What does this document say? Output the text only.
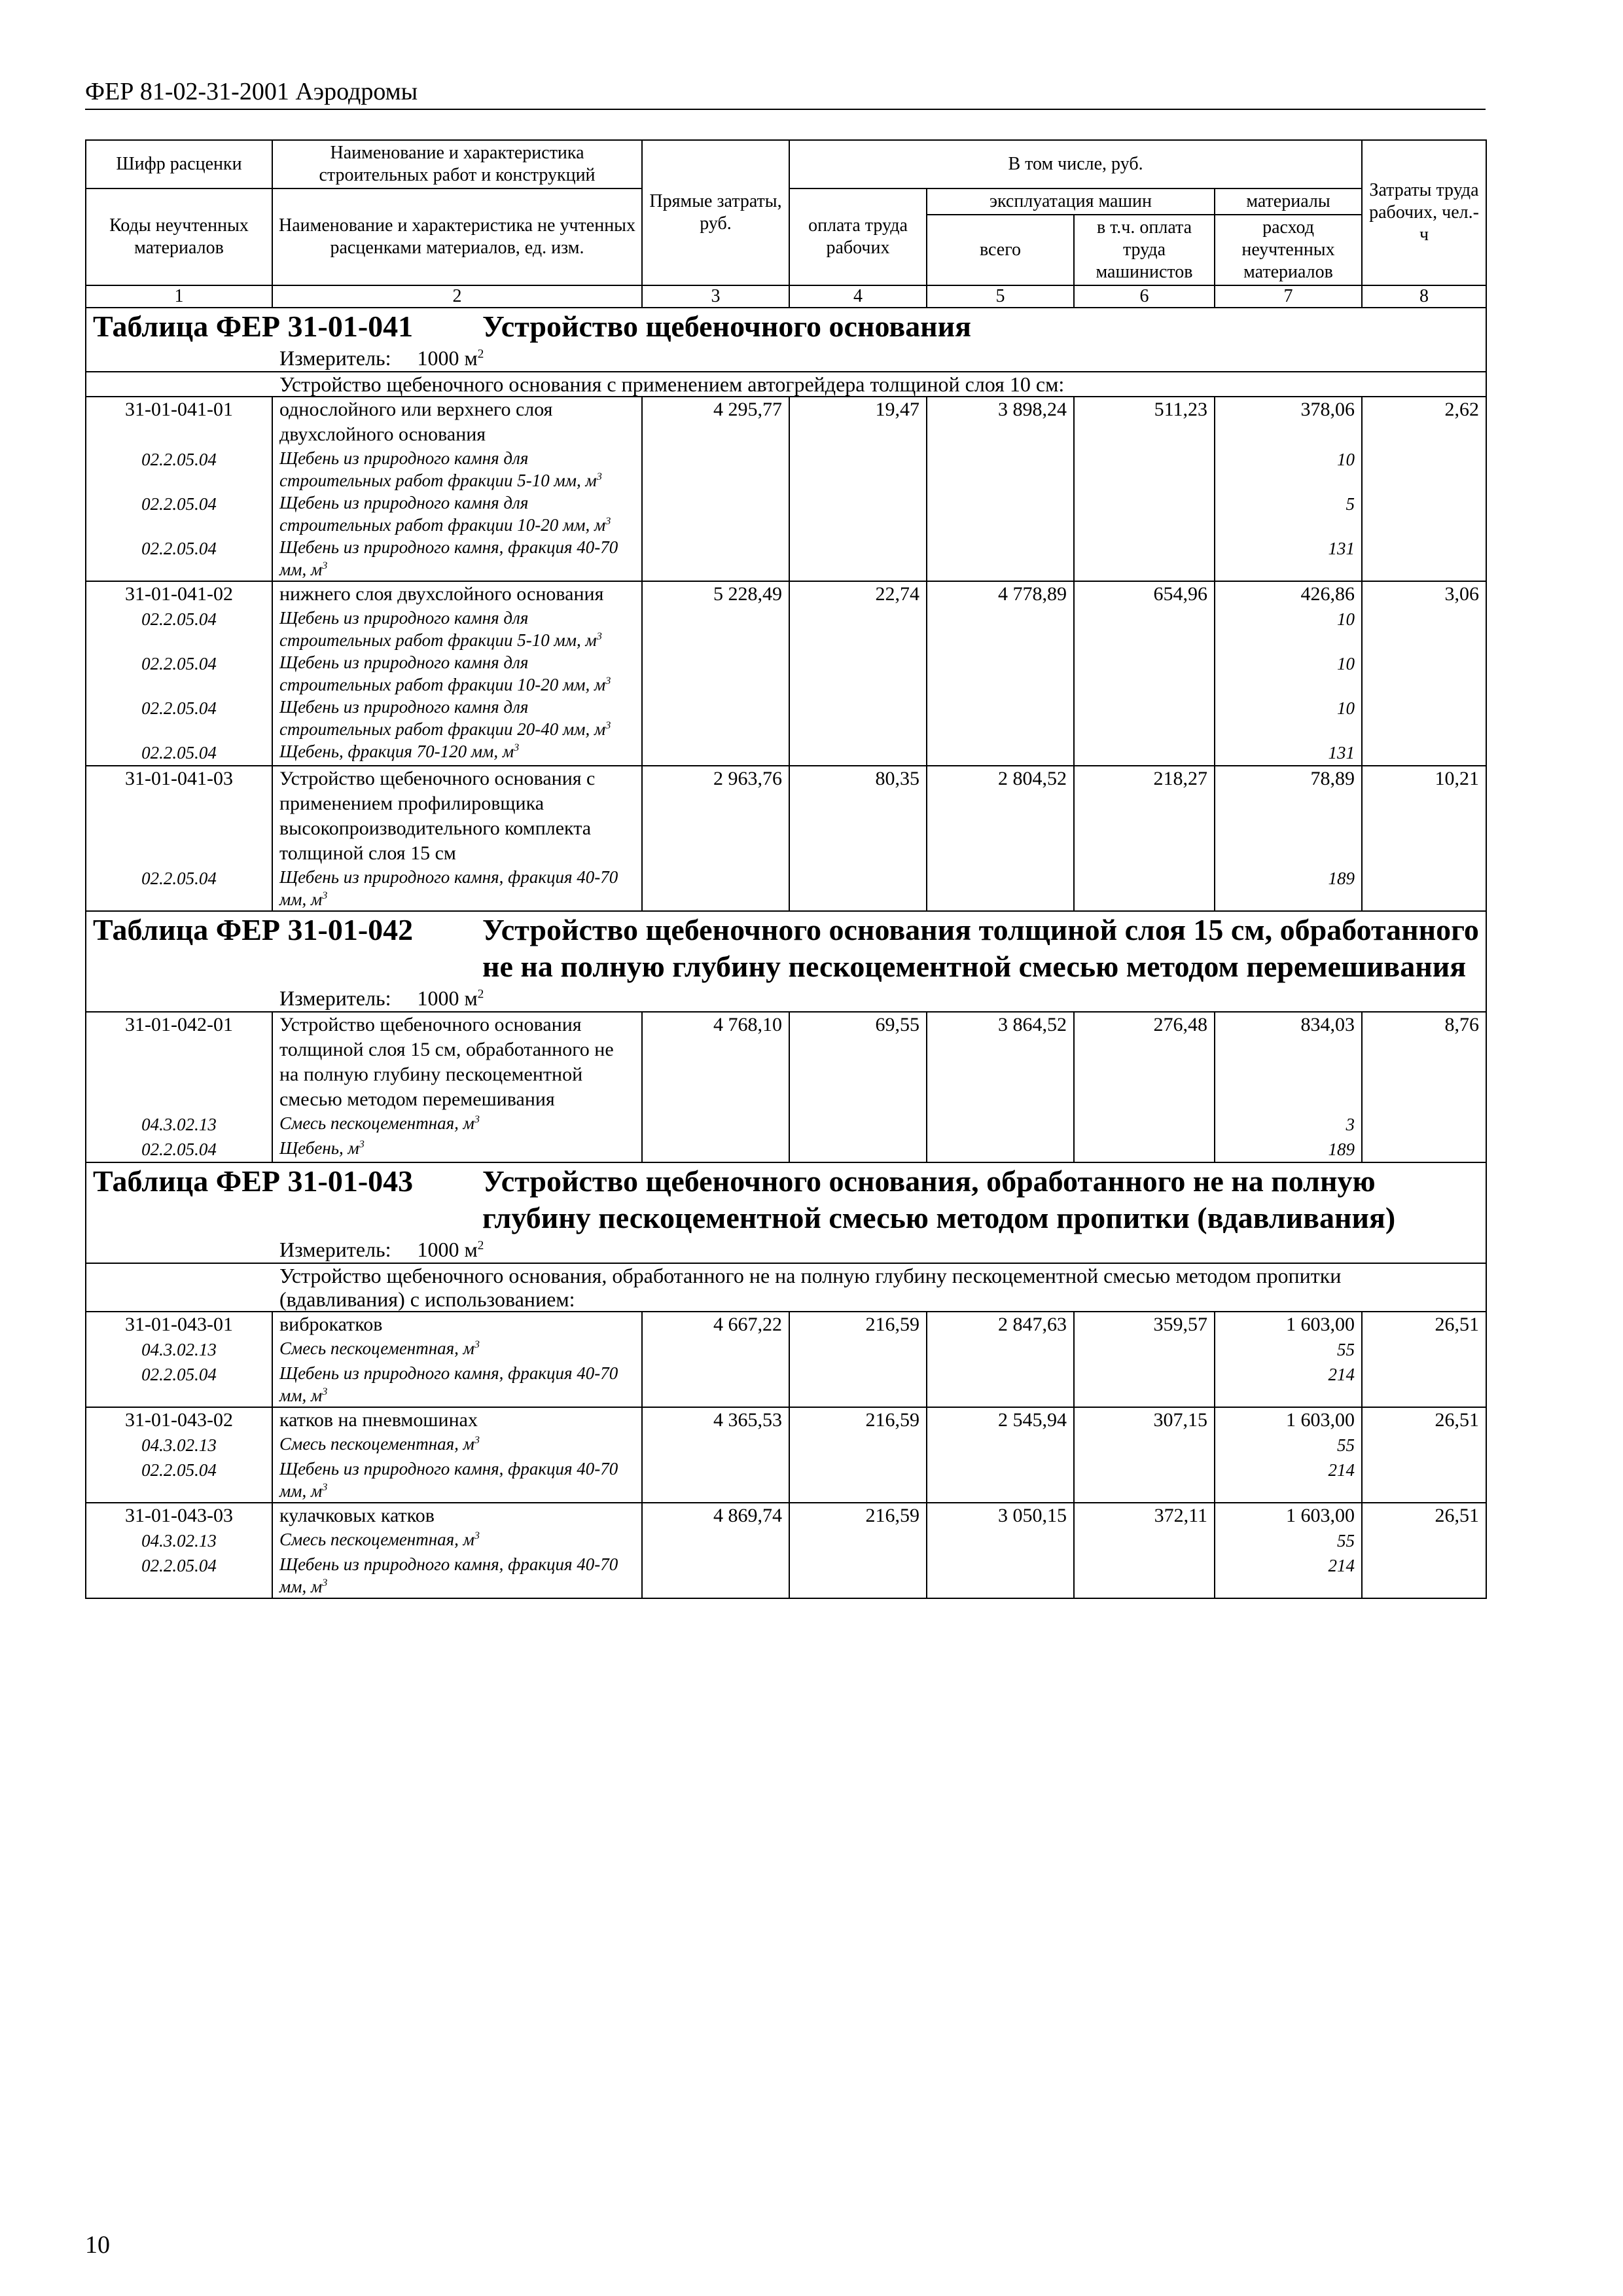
ФЕР 81-02-31-2001 Аэродромы
Шифр расценки	Наименование и характеристика строительных работ и конструкций	Прямые затраты, руб.	В том числе, руб.				Затраты труда рабочих, чел.-ч
Коды неучтенных материалов	Наименование и характеристика не учтенных расценками материалов, ед. изм.		оплата труда рабочих	эксплуатация машин		материалы	
				всего	в т.ч. оплата труда машинистов	расход неучтенных материалов	
1	2	3	4	5	6	7	8

Таблица ФЕР 31-01-041 Устройство щебеночного основания
Измеритель: 1000 $м^2$

Устройство щебеночного основания с применением автогрейдера толщиной слоя 10 см:							

31-01-041-01	однослойного или верхнего слоя двухслойного основания	4 295,77	19,47	3 898,24	511,23	378,06	2,62
02.2.05.04	Щебень из природного камня для строительных работ фракции 5-10 мм, $м^3$					10	
02.2.05.04	Щебень из природного камня для строительных работ фракции 10-20 мм, $м^3$					5	
02.2.05.04	Щебень из природного камня, фракция 40-70 мм, $м^3$					131	
31-01-041-02	нижнего слоя двухслойного основания	5 228,49	22,74	4 778,89	654,96	426,86	3,06
02.2.05.04	Щебень из природного камня для строительных работ фракции 5-10 мм, $м^3$					10	
02.2.05.04	Щебень из природного камня для строительных работ фракции 10-20 мм, $м^3$					10	
02.2.05.04	Щебень из природного камня для строительных работ фракции 20-40 мм, $м^3$					10	
02.2.05.04	Щебень, фракция 70-120 мм, $м^3$					131	
31-01-041-03	Устройство щебеночного основания с применением профилировщика высокопроизводительного комплекта толщиной слоя 15 см	2 963,76	80,35	2 804,52	218,27	78,89	10,21
02.2.05.04	Щебень из природного камня, фракция 40-70 мм, $м^3$					189	

Таблица ФЕР 31-01-042 Устройство щебеночного основания толщиной слоя 15 см, обработанного не на полную глубину пескоцементной смесью методом перемешивания
Измеритель: 1000 $м^2$

31-01-042-01	Устройство щебеночного основания толщиной слоя 15 см, обработанного не на полную глубину пескоцементной смесью методом перемешивания	4 768,10	69,55	3 864,52	276,48	834,03	8,76
04.3.02.13	Смесь пескоцементная, $м^3$					3	
02.2.05.04	Щебень, $м^3$					189	

Таблица ФЕР 31-01-043 Устройство щебеночного основания, обработанного не на полную глубину пескоцементной смесью методом пропитки (вдавливания)
Измеритель: 1000 $м^2$

Устройство щебеночного основания, обработанного не на полную глубину пескоцементной смесью методом пропитки (вдавливания) с использованием:							

31-01-043-01	виброкатков	4 667,22	216,59	2 847,63	359,57	1 603,00	26,51
04.3.02.13	Смесь пескоцементная, $м^3$					55	
02.2.05.04	Щебень из природного камня, фракция 40-70 мм, $м^3$					214	
31-01-043-02	катков на пневмошинах	4 365,53	216,59	2 545,94	307,15	1 603,00	26,51
04.3.02.13	Смесь пескоцементная, $м^3$					55	
02.2.05.04	Щебень из природного камня, фракция 40-70 мм, $м^3$					214	
31-01-043-03	кулачковых катков	4 869,74	216,59	3 050,15	372,11	1 603,00	26,51
04.3.02.13	Смесь пескоцементная, $м^3$					55	
02.2.05.04	Щебень из природного камня, фракция 40-70 мм, $м^3$					214	
10
